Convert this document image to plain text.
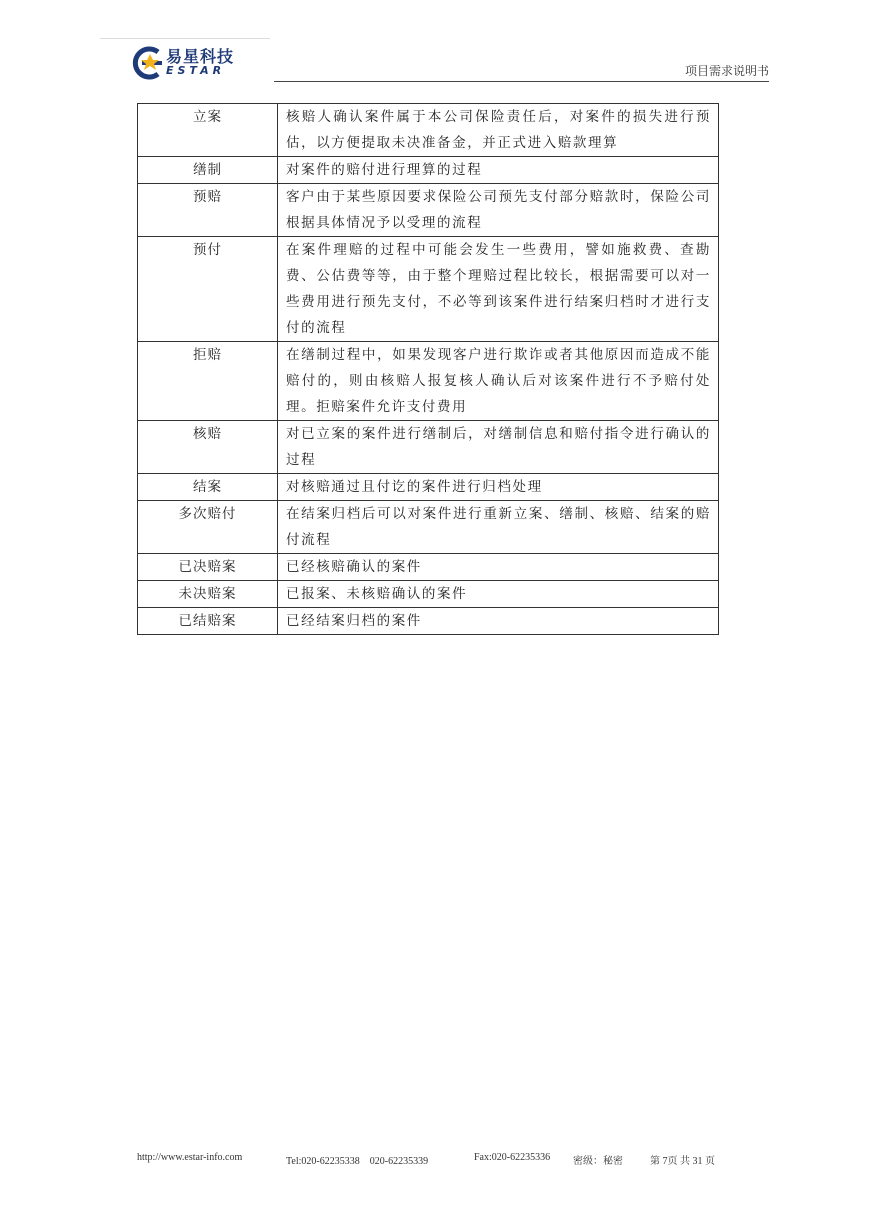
易星科技
ESTAR	项目需求说明书
立案	核赔人确认案件属于本公司保险责任后，对案件的损失进行预估，以方便提取未决准备金，并正式进入赔款理算
缮制	对案件的赔付进行理算的过程
预赔	客户由于某些原因要求保险公司预先支付部分赔款时，保险公司根据具体情况予以受理的流程
预付	在案件理赔的过程中可能会发生一些费用，譬如施救费、查勘费、公估费等等，由于整个理赔过程比较长，根据需要可以对一些费用进行预先支付，不必等到该案件进行结案归档时才进行支付的流程
拒赔	在缮制过程中，如果发现客户进行欺诈或者其他原因而造成不能赔付的，则由核赔人报复核人确认后对该案件进行不予赔付处理。拒赔案件允许支付费用
核赔	对已立案的案件进行缮制后，对缮制信息和赔付指令进行确认的过程
结案	对核赔通过且付讫的案件进行归档处理
多次赔付	在结案归档后可以对案件进行重新立案、缮制、核赔、结案的赔付流程
已决赔案	已经核赔确认的案件
未决赔案	已报案、未核赔确认的案件
已结赔案	已经结案归档的案件
http://www.estar-info.com	Tel:020-62235338　020-62235339	Fax:020-62235336 密级：秘密	第 7页 共 31 页
